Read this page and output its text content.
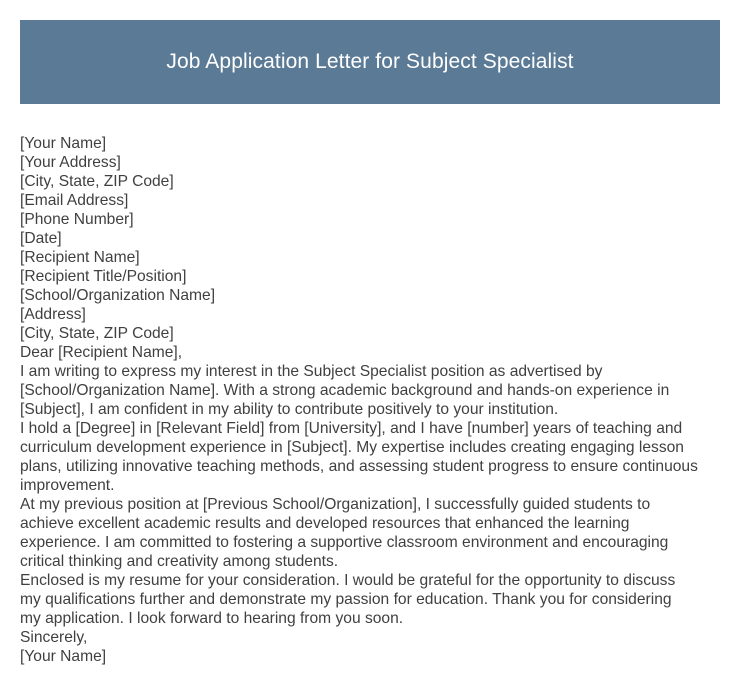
Job Application Letter for Subject Specialist
[Your Name]
[Your Address]
[City, State, ZIP Code]
[Email Address]
[Phone Number]
[Date]
[Recipient Name]
[Recipient Title/Position]
[School/Organization Name]
[Address]
[City, State, ZIP Code]
Dear [Recipient Name],
I am writing to express my interest in the Subject Specialist position as advertised by
[School/Organization Name]. With a strong academic background and hands-on experience in
[Subject], I am confident in my ability to contribute positively to your institution.
I hold a [Degree] in [Relevant Field] from [University], and I have [number] years of teaching and
curriculum development experience in [Subject]. My expertise includes creating engaging lesson
plans, utilizing innovative teaching methods, and assessing student progress to ensure continuous
improvement.
At my previous position at [Previous School/Organization], I successfully guided students to
achieve excellent academic results and developed resources that enhanced the learning
experience. I am committed to fostering a supportive classroom environment and encouraging
critical thinking and creativity among students.
Enclosed is my resume for your consideration. I would be grateful for the opportunity to discuss
my qualifications further and demonstrate my passion for education. Thank you for considering
my application. I look forward to hearing from you soon.
Sincerely,
[Your Name]
